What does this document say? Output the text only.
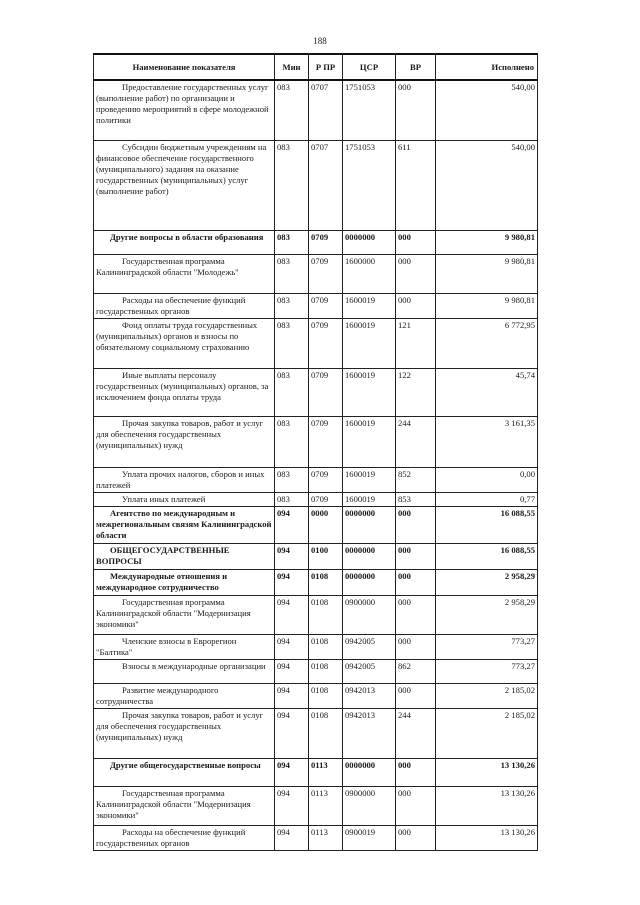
188
Наименование показателя	Мин	Р ПР	ЦСР	ВР	Исполнено
Предоставление государственных услуг (выполнение работ) по организации и проведению мероприятий в сфере молодежной политики	083	0707	1751053	000	540,00
Субсидии бюджетным учреждениям на финансовое обеспечение государственного (муниципального) задания на оказание государственных (муниципальных) услуг (выполнение работ)	083	0707	1751053	611	540,00
Другие вопросы в области образования	083	0709	0000000	000	9 980,81
Государственная программа Калининградской области "Молодежь"	083	0709	1600000	000	9 980,81
Расходы на обеспечение функций государственных органов	083	0709	1600019	000	9 980,81
Фонд оплаты труда государственных (муниципальных) органов и взносы по обязательному социальному страхованию	083	0709	1600019	121	6 772,95
Иные выплаты персоналу государственных (муниципальных) органов, за исключением фонда оплаты труда	083	0709	1600019	122	45,74
Прочая закупка товаров, работ и услуг для обеспечения государственных (муниципальных) нужд	083	0709	1600019	244	3 161,35
Уплата прочих налогов, сборов и иных платежей	083	0709	1600019	852	0,00
Уплата иных платежей	083	0709	1600019	853	0,77
Агентство по международным и межрегиональным связям Калининградской области	094	0000	0000000	000	16 088,55
ОБЩЕГОСУДАРСТВЕННЫЕ ВОПРОСЫ	094	0100	0000000	000	16 088,55
Международные отношения и международное сотрудничество	094	0108	0000000	000	2 958,29
Государственная программа Калининградской области "Модернизация экономики"	094	0108	0900000	000	2 958,29
Членские взносы в Еврорегион "Балтика"	094	0108	0942005	000	773,27
Взносы в международные организации	094	0108	0942005	862	773,27
Развитие международного сотрудничества	094	0108	0942013	000	2 185,02
Прочая закупка товаров, работ и услуг для обеспечения государственных (муниципальных) нужд	094	0108	0942013	244	2 185,02
Другие общегосударственные вопросы	094	0113	0000000	000	13 130,26
Государственная программа Калининградской области "Модернизация экономики"	094	0113	0900000	000	13 130,26
Расходы на обеспечение функций государственных органов	094	0113	0900019	000	13 130,26
